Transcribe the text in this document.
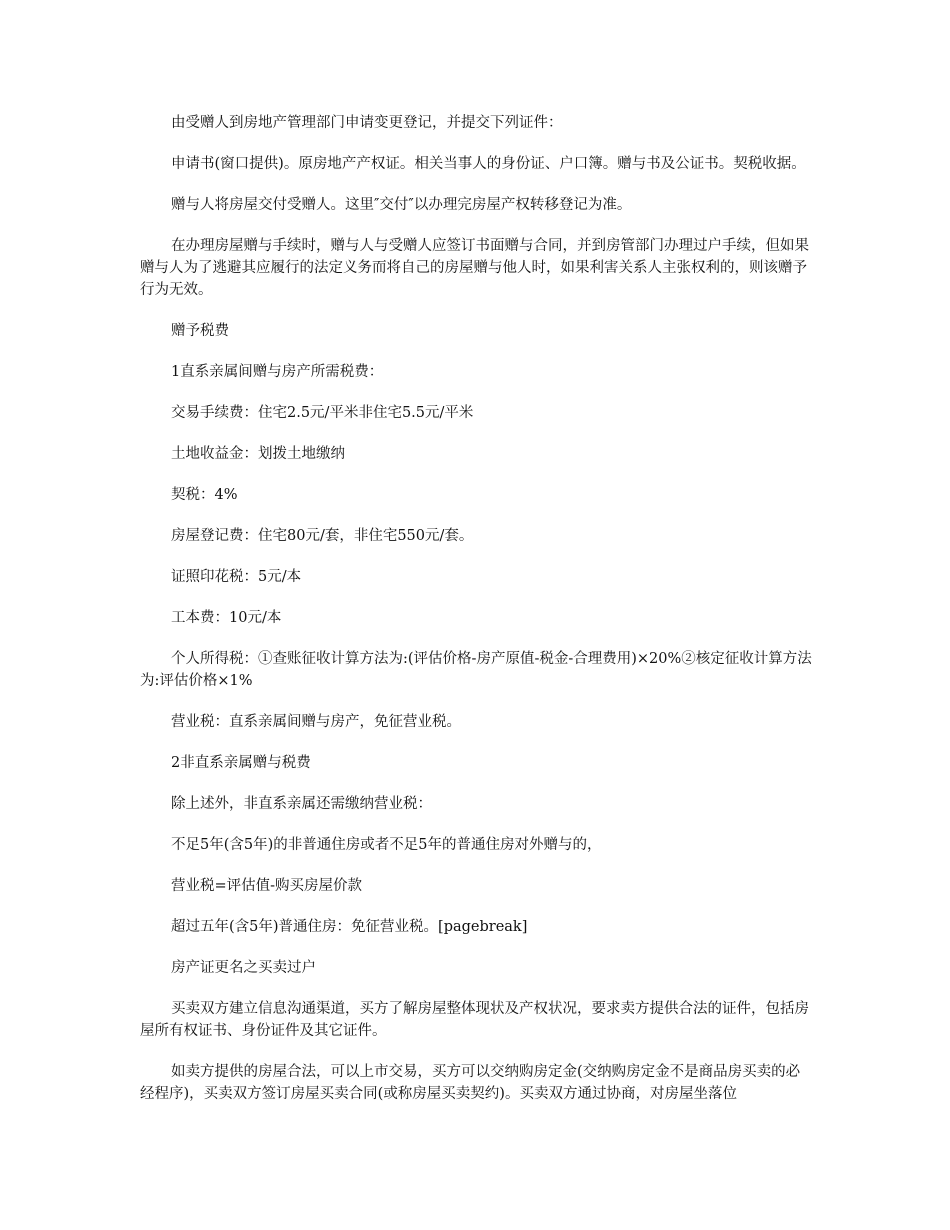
由受赠人到房地产管理部门申请变更登记，并提交下列证件：

申请书(窗口提供)。原房地产产权证。相关当事人的身份证、户口簿。赠与书及公证书。契税收据。

赠与人将房屋交付受赠人。这里″交付″以办理完房屋产权转移登记为准。

在办理房屋赠与手续时，赠与人与受赠人应签订书面赠与合同，并到房管部门办理过户手续，但如果赠与人为了逃避其应履行的法定义务而将自己的房屋赠与他人时，如果利害关系人主张权利的，则该赠予行为无效。

赠予税费

1直系亲属间赠与房产所需税费：

交易手续费：住宅2.5元/平米非住宅5.5元/平米

土地收益金：划拨土地缴纳

契税：4%

房屋登记费：住宅80元/套，非住宅550元/套。

证照印花税：5元/本

工本费：10元/本

个人所得税：①查账征收计算方法为:(评估价格-房产原值-税金-合理费用)×20%②核定征收计算方法为:评估价格×1%

营业税：直系亲属间赠与房产，免征营业税。

2非直系亲属赠与税费

除上述外，非直系亲属还需缴纳营业税：

不足5年(含5年)的非普通住房或者不足5年的普通住房对外赠与的，

营业税=评估值-购买房屋价款

超过五年(含5年)普通住房：免征营业税。[pagebreak]

房产证更名之买卖过户

买卖双方建立信息沟通渠道，买方了解房屋整体现状及产权状况，要求卖方提供合法的证件，包括房屋所有权证书、身份证件及其它证件。

如卖方提供的房屋合法，可以上市交易，买方可以交纳购房定金(交纳购房定金不是商品房买卖的必经程序)，买卖双方签订房屋买卖合同(或称房屋买卖契约)。买卖双方通过协商，对房屋坐落位
